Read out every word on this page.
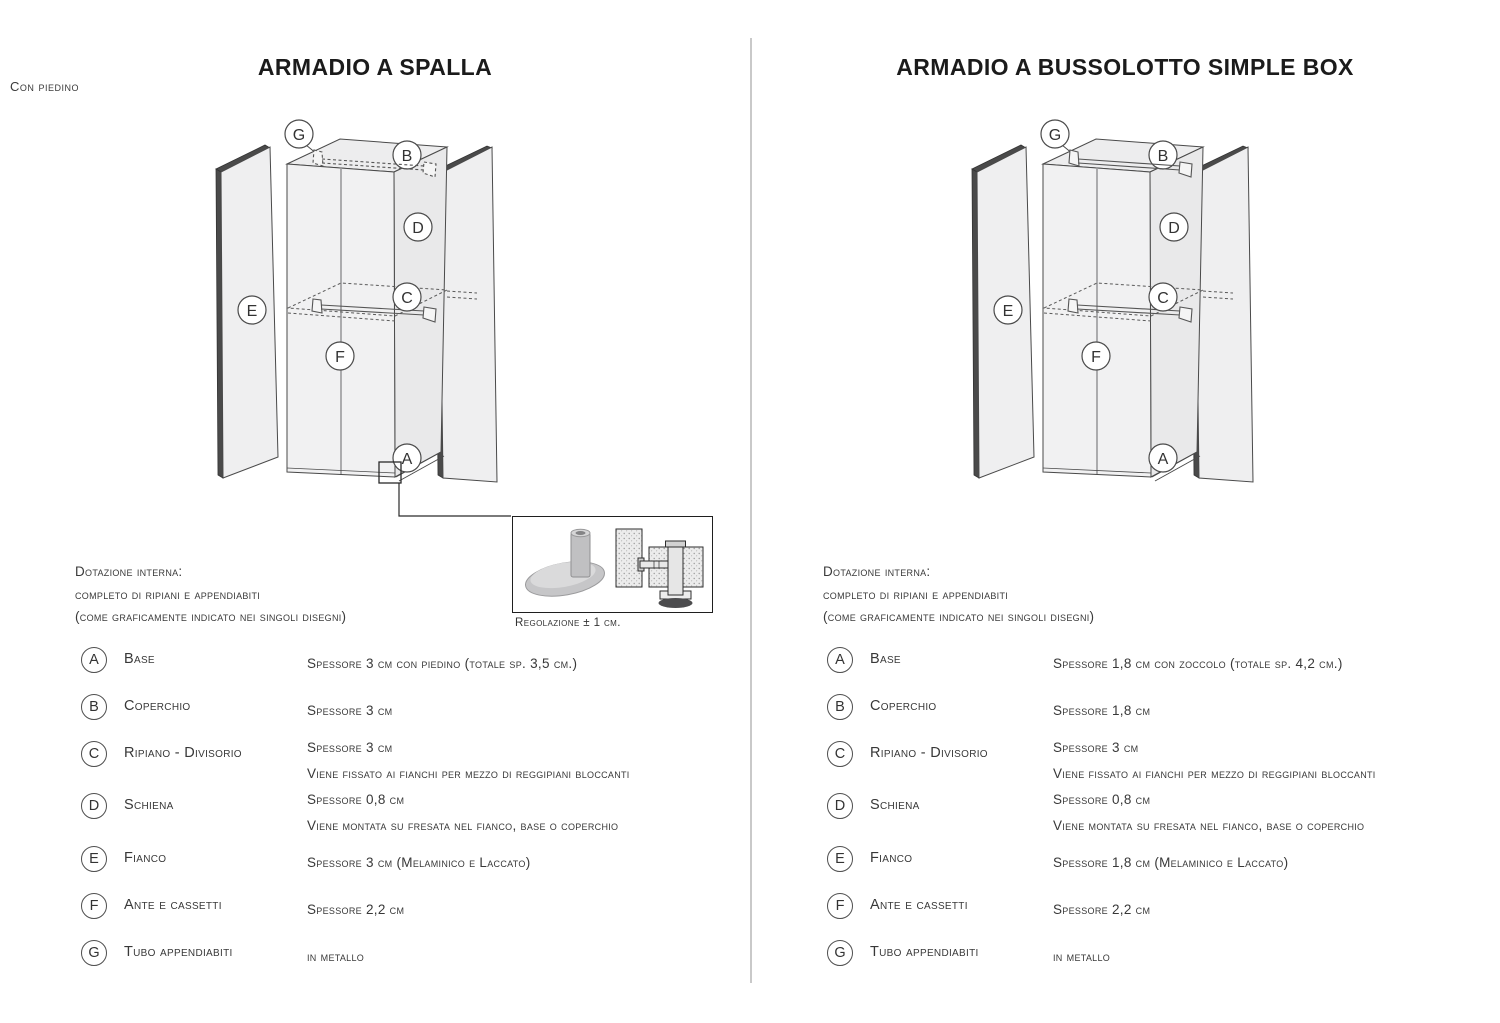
ARMADIO A SPALLA	ARMADIO A BUSSOLOTTO SIMPLE BOX
Con piedino
Regolazione ± 1 cm.
Dotazione interna:
completo di ripiani e appendiabiti
(come graficamente indicato nei singoli disegni)
A Base	Spessore 3 cm con piedino (totale sp. 3,5 cm.)
B Coperchio	Spessore 3 cm
C Ripiano - Divisorio	Spessore 3 cm
Viene fissato ai fianchi per mezzo di reggipiani bloccanti
D Schiena	Spessore 0,8 cm
Viene montata su fresata nel fianco, base o coperchio
E Fianco	Spessore 3 cm (Melaminico e Laccato)
F Ante e cassetti	Spessore 2,2 cm
G Tubo appendiabiti	in metallo
Dotazione interna:
completo di ripiani e appendiabiti
(come graficamente indicato nei singoli disegni)
A Base	Spessore 1,8 cm con zoccolo (totale sp. 4,2 cm.)
B Coperchio	Spessore 1,8 cm
C Ripiano - Divisorio	Spessore 3 cm
Viene fissato ai fianchi per mezzo di reggipiani bloccanti
D Schiena	Spessore 0,8 cm
Viene montata su fresata nel fianco, base o coperchio
E Fianco	Spessore 1,8 cm (Melaminico e Laccato)
F Ante e cassetti	Spessore 2,2 cm
G Tubo appendiabiti	in metallo
